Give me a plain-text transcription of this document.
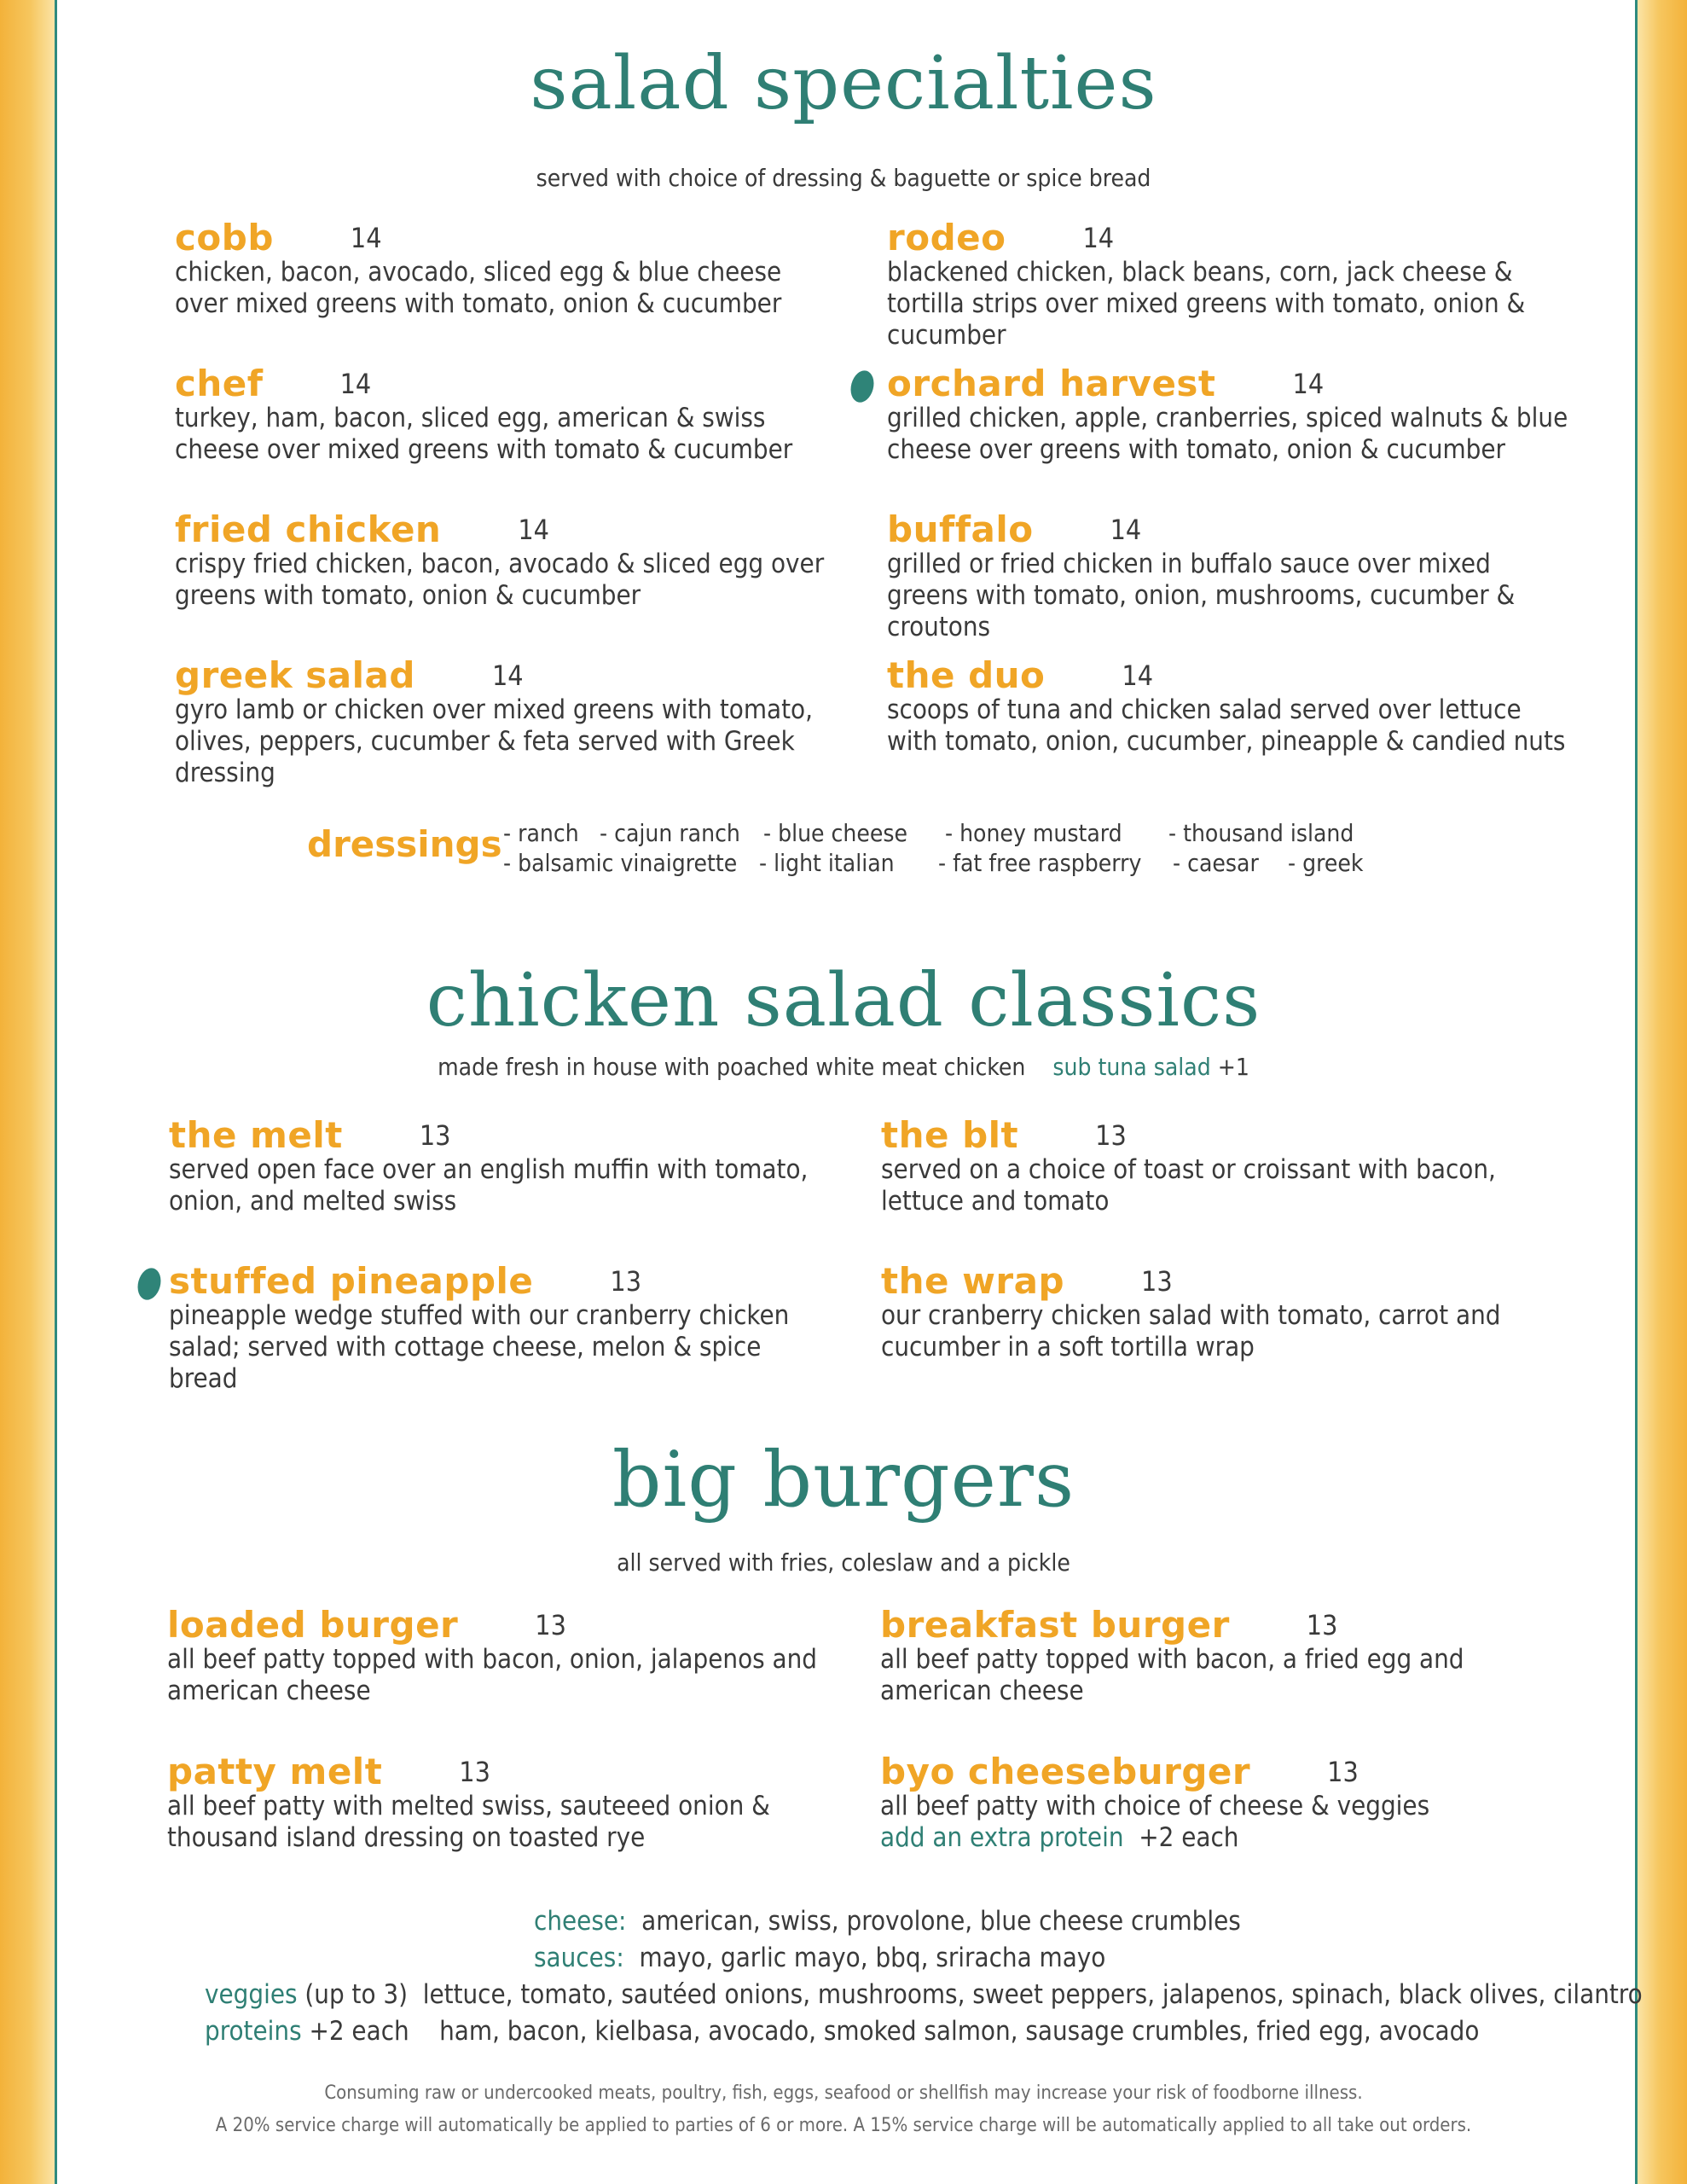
salad specialties

served with choice of dressing & baguette or spice bread

cobb	14
chicken, bacon, avocado, sliced egg & blue cheese over mixed greens with tomato, onion & cucumber
rodeo	14
blackened chicken, black beans, corn, jack cheese & tortilla strips over mixed greens with tomato, onion & cucumber
chef	14
turkey, ham, bacon, sliced egg, american & swiss cheese over mixed greens with tomato & cucumber
orchard harvest	14
grilled chicken, apple, cranberries, spiced walnuts & blue cheese over greens with tomato, onion & cucumber
fried chicken	14
crispy fried chicken, bacon, avocado & sliced egg over greens with tomato, onion & cucumber
buffalo	14
grilled or fried chicken in buffalo sauce over mixed greens with tomato, onion, mushrooms, cucumber & croutons
greek salad	14
gyro lamb or chicken over mixed greens with tomato, olives, peppers, cucumber & feta served with Greek dressing
the duo	14
scoops of tuna and chicken salad served over lettuce with tomato, onion, cucumber, pineapple & candied nuts
dressings - ranch - cajun ranch - blue cheese - honey mustard - thousand island
- balsamic vinaigrette - light italian - fat free raspberry - caesar - greek
chicken salad classics

made fresh in house with poached white meat chicken sub tuna salad +1

the melt	13
served open face over an english muffin with tomato, onion, and melted swiss
the blt	13
served on a choice of toast or croissant with bacon, lettuce and tomato
stuffed pineapple	13
pineapple wedge stuffed with our cranberry chicken salad; served with cottage cheese, melon & spice bread
the wrap	13
our cranberry chicken salad with tomato, carrot and cucumber in a soft tortilla wrap
big burgers

all served with fries, coleslaw and a pickle

loaded burger	13
all beef patty topped with bacon, onion, jalapenos and american cheese
breakfast burger	13
all beef patty topped with bacon, a fried egg and american cheese
patty melt	13
all beef patty with melted swiss, sauteeed onion & thousand island dressing on toasted rye
byo cheeseburger	13
all beef patty with choice of cheese & veggies
add an extra protein +2 each
cheese: american, swiss, provolone, blue cheese crumbles
sauces: mayo, garlic mayo, bbq, sriracha mayo
veggies (up to 3) lettuce, tomato, sautéed onions, mushrooms, sweet peppers, jalapenos, spinach, black olives, cilantro
proteins +2 each ham, bacon, kielbasa, avocado, smoked salmon, sausage crumbles, fried egg, avocado
Consuming raw or undercooked meats, poultry, fish, eggs, seafood or shellfish may increase your risk of foodborne illness.
A 20% service charge will automatically be applied to parties of 6 or more. A 15% service charge will be automatically applied to all take out orders.
